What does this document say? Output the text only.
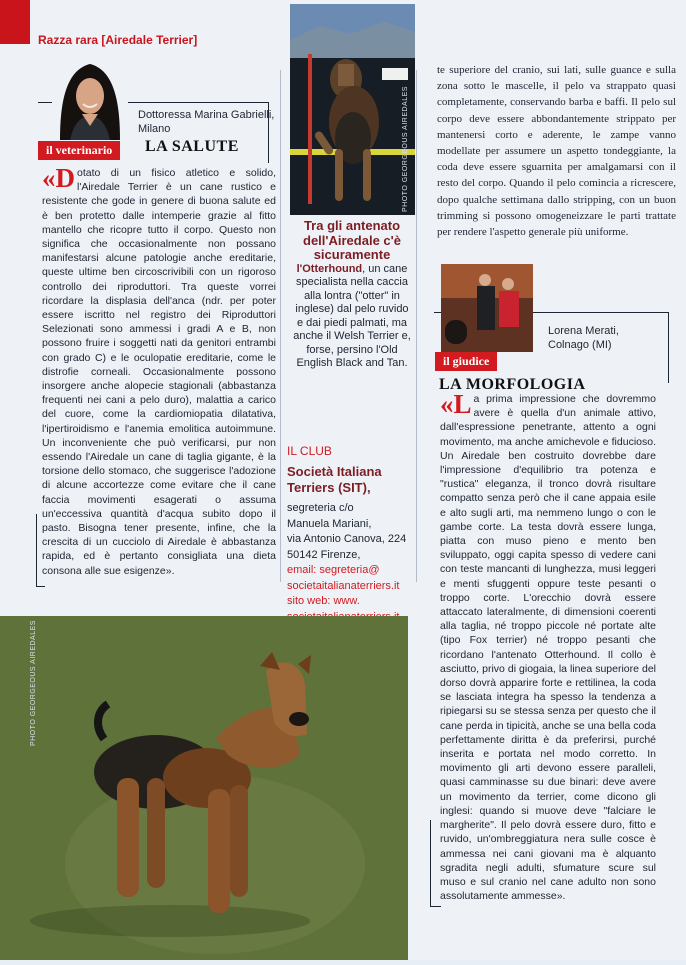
Razza rara [Airedale Terrier]
Dottoressa Marina Gabrielli,
Milano
il veterinario	LA SALUTE
«D otato di un fisico atletico e solido, l'Airedale Terrier è un cane rustico e resistente che gode in genere di buona salute ed è ben protetto dalle intemperie grazie al fitto mantello che ricopre tutto il corpo. Questo non significa che occasionalmente non possano manifestarsi alcune patologie anche ereditarie, queste ultime ben circoscrivibili con un rigoroso controllo dei riproduttori. Tra queste vorrei ricordare la displasia dell'anca (ndr. per poter essere iscritto nel registro dei Riproduttori Selezionati sono ammessi i gradi A e B, non possono fruire i soggetti nati da genitori entrambi con grado C) e le oculopatie ereditarie, come le distrofie corneali. Occasionalmente possono insorgere anche alopecie stagionali (abbastanza frequenti nei cani a pelo duro), malattia a carico del cuore, come la cardiomiopatia dilatativa, l'ipertiroidismo e l'anemia emolitica autoimmune. Un inconveniente che può verificarsi, pur non essendo l'Airedale un cane di taglia gigante, è la torsione dello stomaco, che suggerisce l'adozione di alcune accortezze come evitare che il cane faccia movimenti esagerati o assuma un'eccessiva quantità d'acqua subito dopo il pasto. Bisogna tener presente, infine, che la crescita di un cucciolo di Airedale è abbastanza rapida, ed è pertanto consigliata una dieta consona alle sue esigenze».
PHOTO GEORGEOUS AIREDALES
Tra gli antenato dell'Airedale c'è sicuramente
l'Otterhound, un cane specialista nella caccia alla lontra ("otter" in inglese) dal pelo ruvido e dai piedi palmati, ma anche il Welsh Terrier e, forse, persino l'Old English Black and Tan.
IL CLUB
Società Italiana Terriers (SIT),
segreteria c/o
Manuela Mariani,
via Antonio Canova, 224
50142 Firenze,
email: segreteria@
societaitalianaterriers.it
sito web: www.
te superiore del cranio, sui lati, sulle guance e sulla zona sotto le mascelle, il pelo va strappato quasi completamente, conservando barba e baffi. Il pelo sul corpo deve essere abbondantemente strippato per mantenersi corto e aderente, le zampe vanno modellate per assumere un aspetto tondeggiante, la coda deve essere sguarnita per amalgamarsi con il resto del corpo. Quando il pelo comincia a ricrescere, dopo qualche settimana dallo stripping, con un buon trimming si possono omogeneizzare le parti trattate per rendere l'aspetto generale più uniforme.
Lorena Merati,
Colnago (MI)
il giudice
LA MORFOLOGIA
«L a prima impressione che dovremmo avere è quella d'un animale attivo, dall'espressione penetrante, attento a ogni movimento, ma anche amichevole e fiducioso. Un Airedale ben costruito dovrebbe dare l'impressione d'equilibrio tra potenza e "rustica" eleganza, il tronco dovrà risultare compatto senza però che il cane appaia esile e alto sugli arti, ma nemmeno lungo o con le gambe corte. La testa dovrà essere lunga, piatta con muso pieno e mento ben sviluppato, oggi capita spesso di vedere cani con teste mancanti di lunghezza, musi leggeri e menti sfuggenti oppure teste pesanti o troppo corte. L'orecchio dovrà essere attaccato lateralmente, di dimensioni coerenti alla taglia, né troppo piccole né portate alte (tipo Fox terrier) né troppo pesanti che ricordano l'antenato Otterhound. Il collo è asciutto, privo di giogaia, la linea superiore del dorso dovrà apparire forte e rettilinea, la coda se lasciata integra ha spesso la tendenza a ripiegarsi su se stessa senza per questo che il cane perda in tipicità, anche se una bella coda perfettamente diritta è da preferirsi, purché inserita e portata nel modo corretto. In movimento gli arti devono essere paralleli, quasi camminasse su due binari: deve avere un movimento da terrier, come dicono gli inglesi: quando si muove deve "falciare le margherite". Il pelo dovrà essere duro, fitto e ruvido, un'ombreggiatura nera sulle cosce è ammessa nei cani giovani ma è alquanto sgradita negli adulti, sfumature scure sul muso e sul cranio nel cane adulto non sono assolutamente ammesse».
PHOTO GEORGEOUS AIREDALES
